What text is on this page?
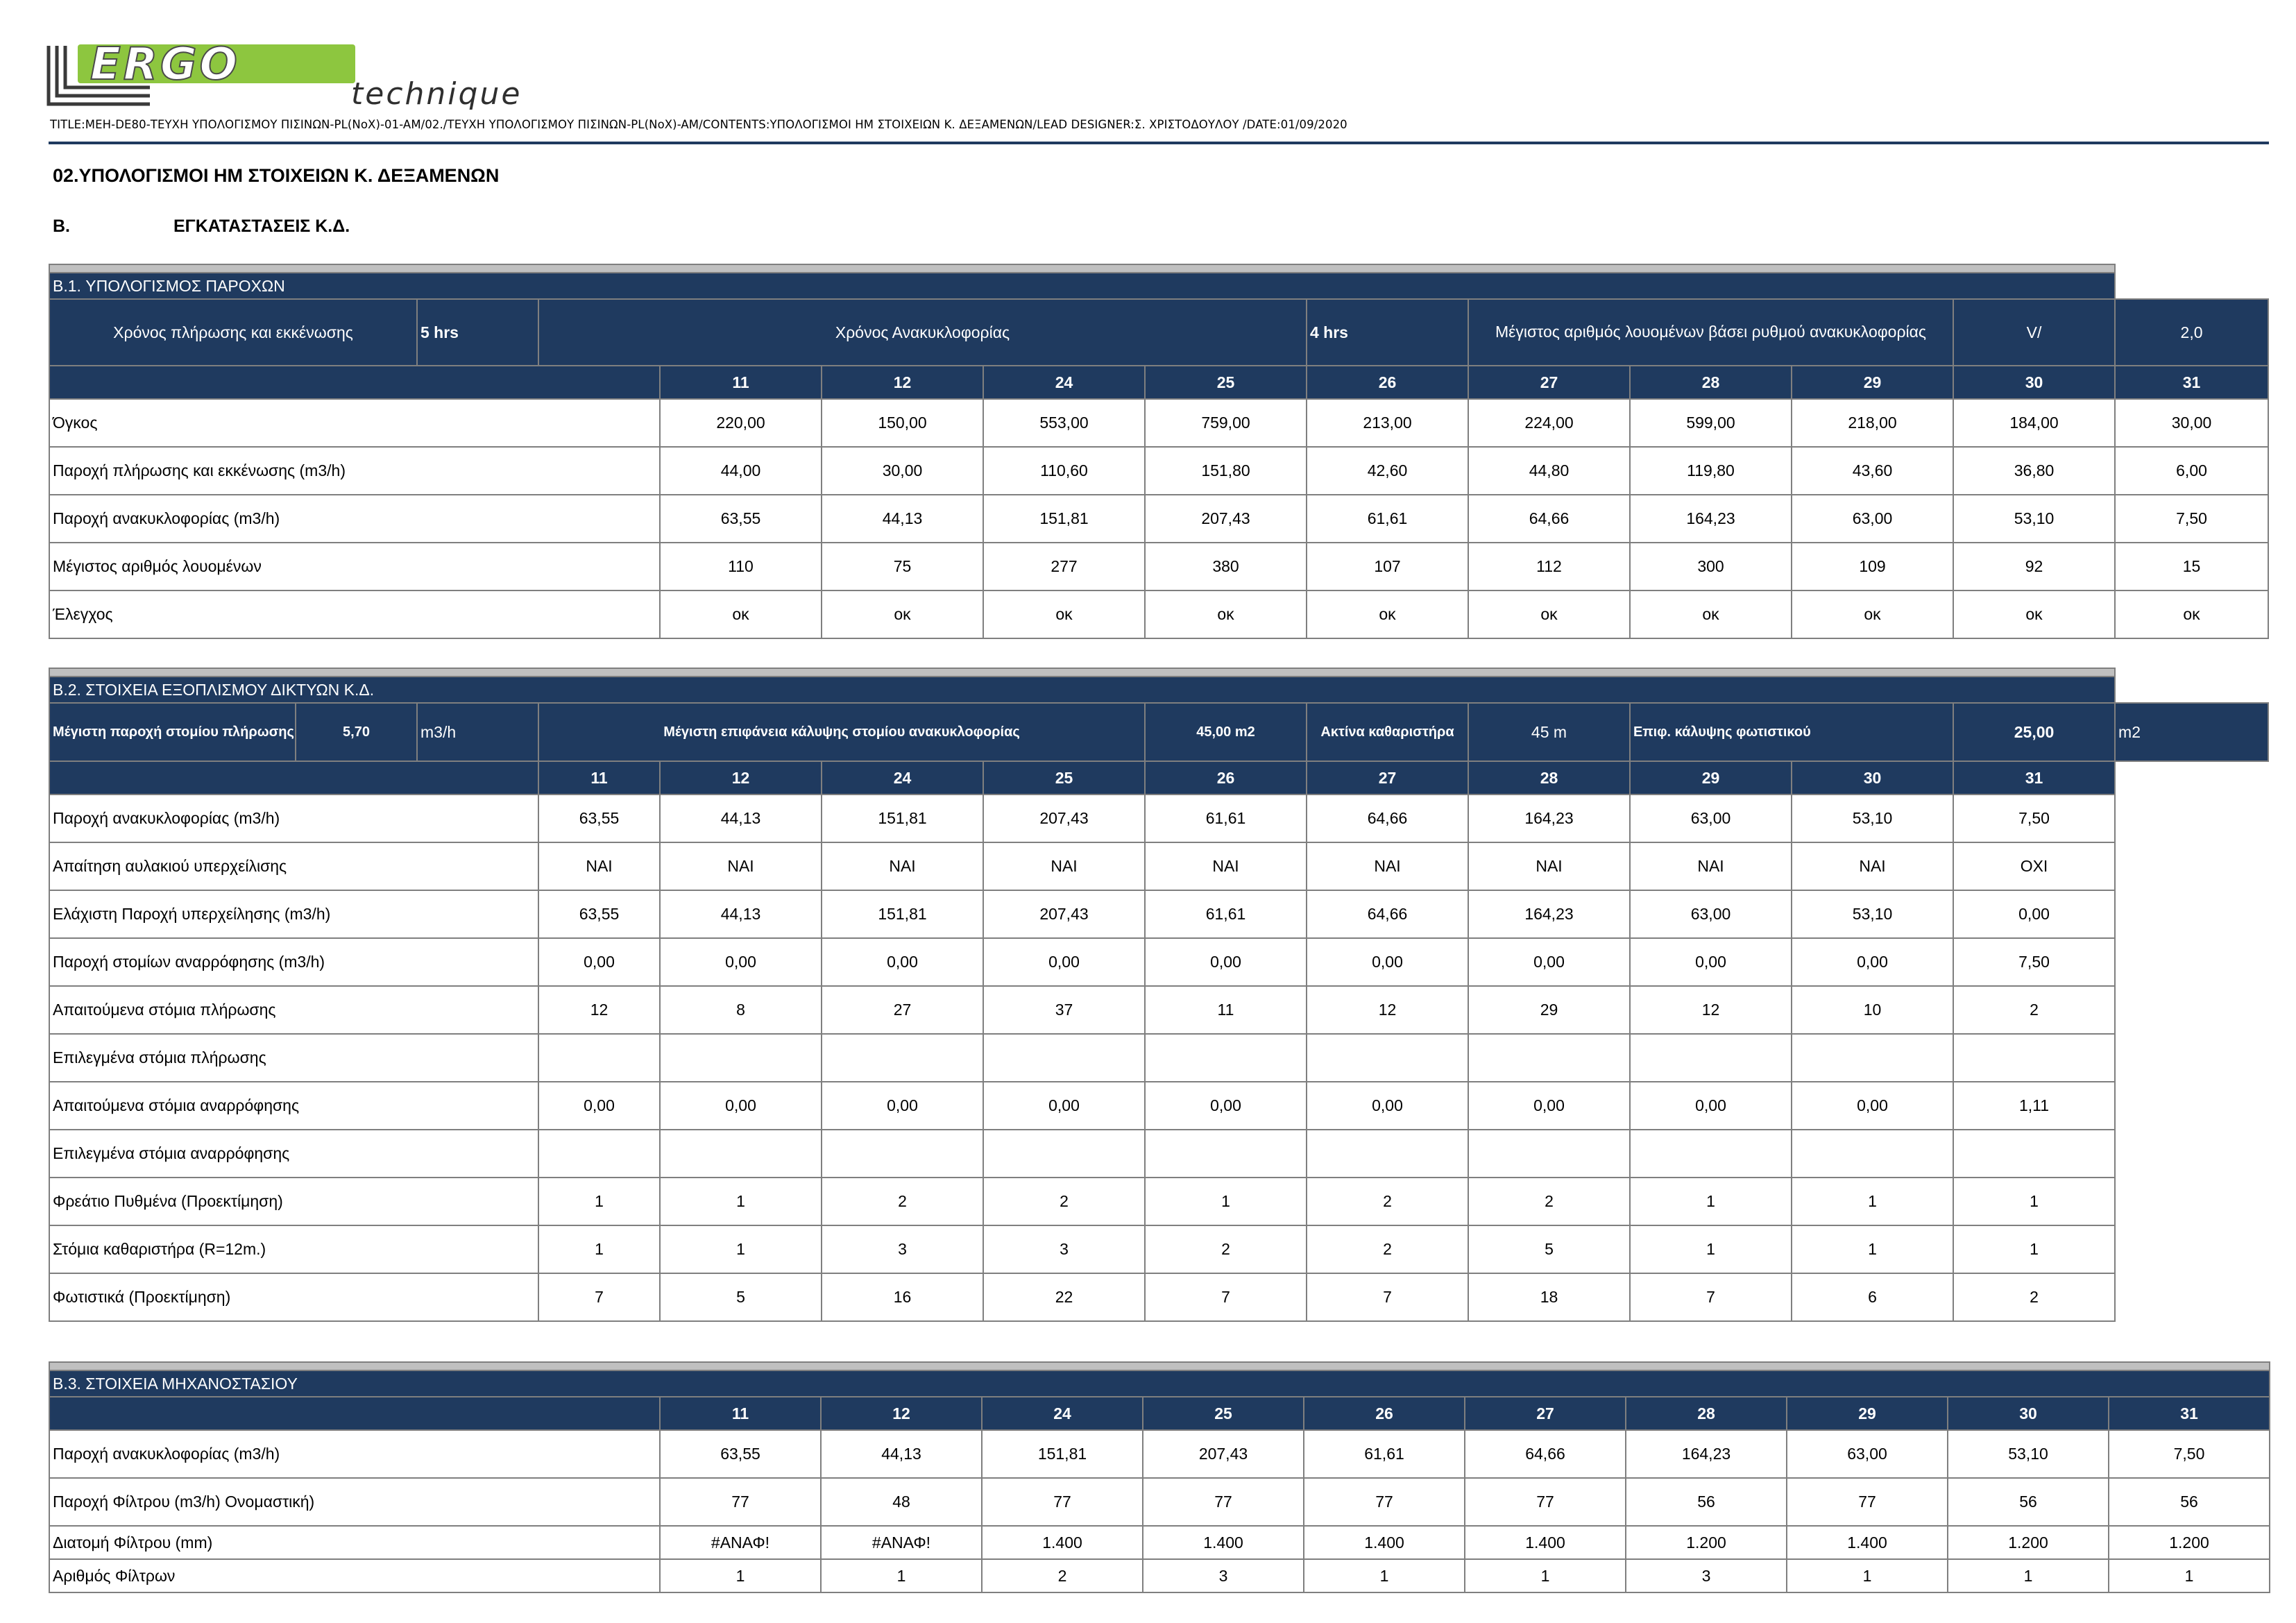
ERGO
technique
TITLE:MEH-DE80-ΤΕΥΧΗ ΥΠΟΛΟΓΙΣΜΟΥ ΠΙΣΙΝΩΝ-PL(NoX)-01-AM/02./ΤΕΥΧΗ ΥΠΟΛΟΓΙΣΜΟΥ ΠΙΣΙΝΩΝ-PL(NoX)-AM/CONTENTS:ΥΠΟΛΟΓΙΣΜΟΙ ΗΜ ΣΤΟΙΧΕΙΩΝ Κ. ΔΕΞΑΜΕΝΩΝ/LEAD DESIGNER:Σ. ΧΡΙΣΤΟΔΟΥΛΟΥ /DATE:01/09/2020
02.ΥΠΟΛΟΓΙΣΜΟΙ ΗΜ ΣΤΟΙΧΕΙΩΝ Κ. ΔΕΞΑΜΕΝΩΝ
B.	ΕΓΚΑΤΑΣΤΑΣΕΙΣ Κ.Δ.

B.1. ΥΠΟΛΟΓΙΣΜΟΣ ΠΑΡΟΧΩΝ												
Χρόνος πλήρωσης και εκκένωσης	5 hrs	Χρόνος Ανακυκλοφορίας					4 hrs	Μέγιστος αριθμός λουομένων βάσει ρυθμού ανακυκλοφορίας			V/	2,0
			11	12	24	25	26	27	28	29	30	31
Όγκος			220,00	150,00	553,00	759,00	213,00	224,00	599,00	218,00	184,00	30,00
Παροχή πλήρωσης και εκκένωσης (m3/h)			44,00	30,00	110,60	151,80	42,60	44,80	119,80	43,60	36,80	6,00
Παροχή ανακυκλοφορίας (m3/h)			63,55	44,13	151,81	207,43	61,61	64,66	164,23	63,00	53,10	7,50
Μέγιστος αριθμός λουομένων			110	75	277	380	107	112	300	109	92	15
Έλεγχος			οκ	οκ	οκ	οκ	οκ	οκ	οκ	οκ	οκ	οκ

B.2. ΣΤΟΙΧΕΙΑ ΕΞΟΠΛΙΣΜΟΥ ΔΙΚΤΥΩΝ Κ.Δ.													
Μέγιστη παροχή στομίου πλήρωσης	5,70	m3/h	Μέγιστη επιφάνεια κάλυψης στομίου ανακυκλοφορίας				45,00 m2	Ακτίνα καθαριστήρα	45 m	Επιφ. κάλυψης φωτιστικού		25,00	m2
			11	12	24	25	26	27	28	29	30	31	
Παροχή ανακυκλοφορίας (m3/h)			63,55	44,13	151,81	207,43	61,61	64,66	164,23	63,00	53,10	7,50	
Απαίτηση αυλακιού υπερχείλισης			ΝΑΙ	ΝΑΙ	ΝΑΙ	ΝΑΙ	ΝΑΙ	ΝΑΙ	ΝΑΙ	ΝΑΙ	ΝΑΙ	ΟΧΙ	
Ελάχιστη Παροχή υπερχείλησης (m3/h)			63,55	44,13	151,81	207,43	61,61	64,66	164,23	63,00	53,10	0,00	
Παροχή στομίων αναρρόφησης (m3/h)			0,00	0,00	0,00	0,00	0,00	0,00	0,00	0,00	0,00	7,50	
Απαιτούμενα στόμια πλήρωσης			12	8	27	37	11	12	29	12	10	2	
Επιλεγμένα στόμια πλήρωσης													
Απαιτούμενα στόμια αναρρόφησης			0,00	0,00	0,00	0,00	0,00	0,00	0,00	0,00	0,00	1,11	
Επιλεγμένα στόμια αναρρόφησης													
Φρεάτιο Πυθμένα (Προεκτίμηση)			1	1	2	2	1	2	2	1	1	1	
Στόμια καθαριστήρα (R=12m.)			1	1	3	3	2	2	5	1	1	1	
Φωτιστικά (Προεκτίμηση)			7	5	16	22	7	7	18	7	6	2	

B.3. ΣΤΟΙΧΕΙΑ ΜΗΧΑΝΟΣΤΑΣΙΟΥ										
	11	12	24	25	26	27	28	29	30	31
Παροχή ανακυκλοφορίας (m3/h)	63,55	44,13	151,81	207,43	61,61	64,66	164,23	63,00	53,10	7,50
Παροχή Φίλτρου (m3/h) Ονομαστική)	77	48	77	77	77	77	56	77	56	56
Διατομή Φίλτρου (mm)	#ΑΝΑΦ!	#ΑΝΑΦ!	1.400	1.400	1.400	1.400	1.200	1.400	1.200	1.200
Αριθμός Φίλτρων	1	1	2	3	1	1	3	1	1	1
